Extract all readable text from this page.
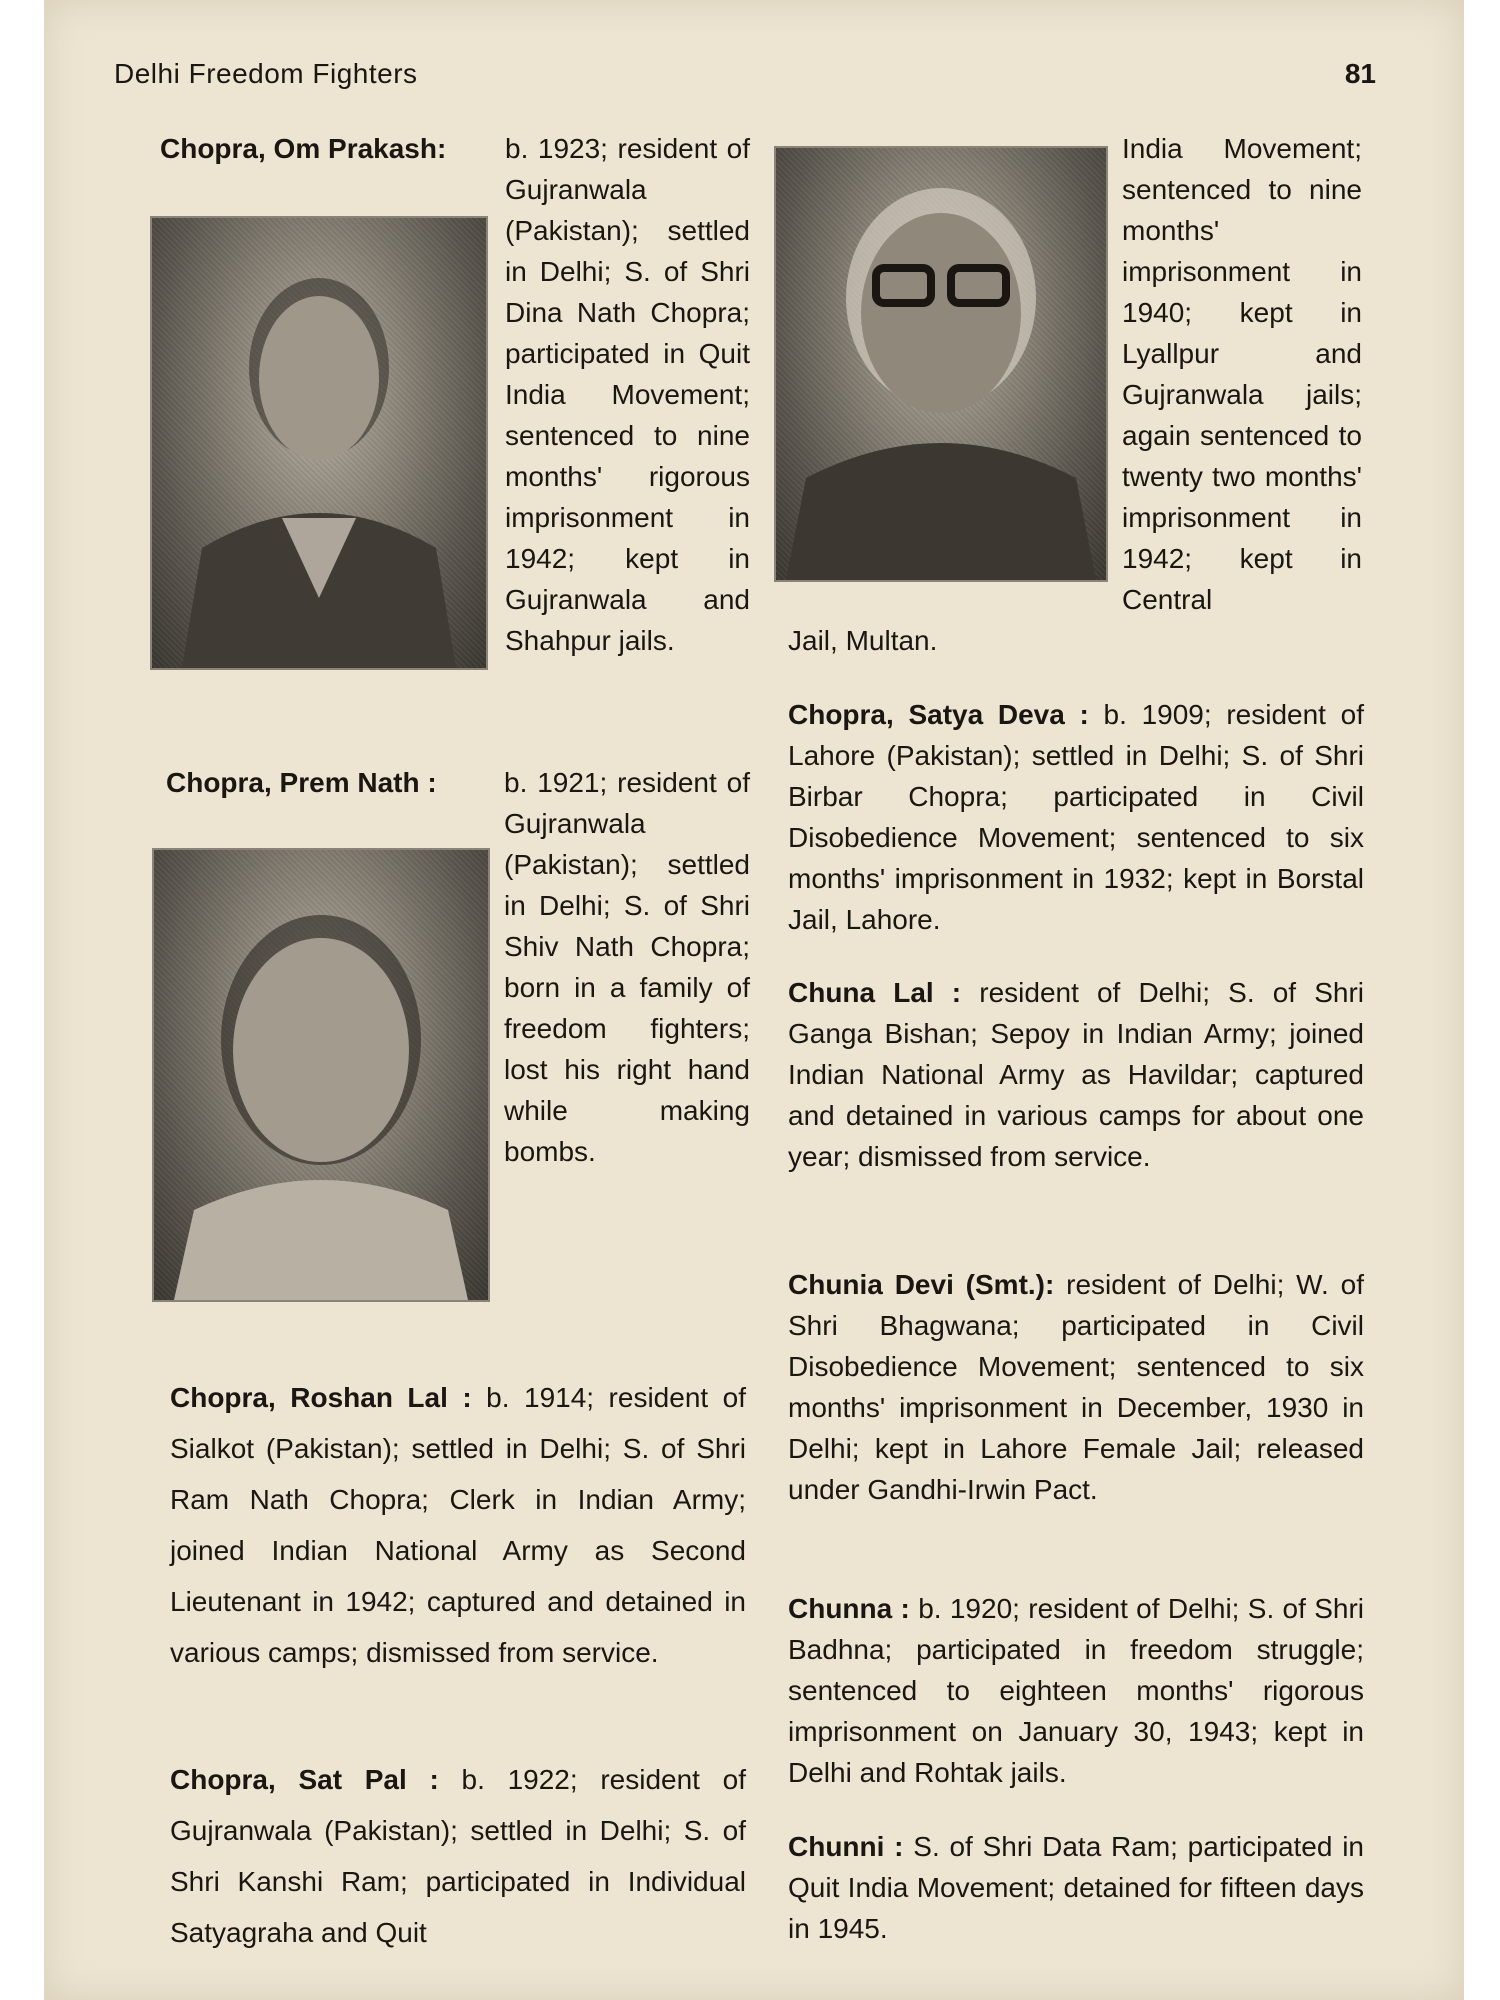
Delhi Freedom Fighters	81
Chopra, Om Prakash: b. 1923; resident of Gujranwala (Pakistan); settled in Delhi; S. of Shri Dina Nath Chopra; participated in Quit India Movement; sentenced to nine months' rigorous imprisonment in 1942; kept in Gujranwala and Shahpur jails.
Chopra, Prem Nath : b. 1921; resident of Gujranwala (Pakistan); settled in Delhi; S. of Shri Shiv Nath Chopra; born in a family of freedom fighters; lost his right hand while making bombs.
Chopra, Roshan Lal : b. 1914; resident of Sialkot (Pakistan); settled in Delhi; S. of Shri Ram Nath Chopra; Clerk in Indian Army; joined Indian National Army as Second Lieutenant in 1942; captured and detained in various camps; dismissed from service.
Chopra, Sat Pal : b. 1922; resident of Gujranwala (Pakistan); settled in Delhi; S. of Shri Kanshi Ram; participated in Individual Satyagraha and Quit
India Movement; sentenced to nine months' imprisonment in 1940; kept in Lyallpur and Gujranwala jails; again sentenced to twenty two months' imprisonment in 1942; kept in Central
Jail, Multan.
Chopra, Satya Deva : b. 1909; resident of Lahore (Pakistan); settled in Delhi; S. of Shri Birbar Chopra; participated in Civil Disobedience Movement; sentenced to six months' imprisonment in 1932; kept in Borstal Jail, Lahore.
Chuna Lal : resident of Delhi; S. of Shri Ganga Bishan; Sepoy in Indian Army; joined Indian National Army as Havildar; captured and detained in various camps for about one year; dismissed from service.
Chunia Devi (Smt.): resident of Delhi; W. of Shri Bhagwana; participated in Civil Disobedience Movement; sentenced to six months' imprisonment in December, 1930 in Delhi; kept in Lahore Female Jail; released under Gandhi-Irwin Pact.
Chunna : b. 1920; resident of Delhi; S. of Shri Badhna; participated in freedom struggle; sentenced to eighteen months' rigorous imprisonment on January 30, 1943; kept in Delhi and Rohtak jails.
Chunni : S. of Shri Data Ram; participated in Quit India Movement; detained for fifteen days in 1945.
